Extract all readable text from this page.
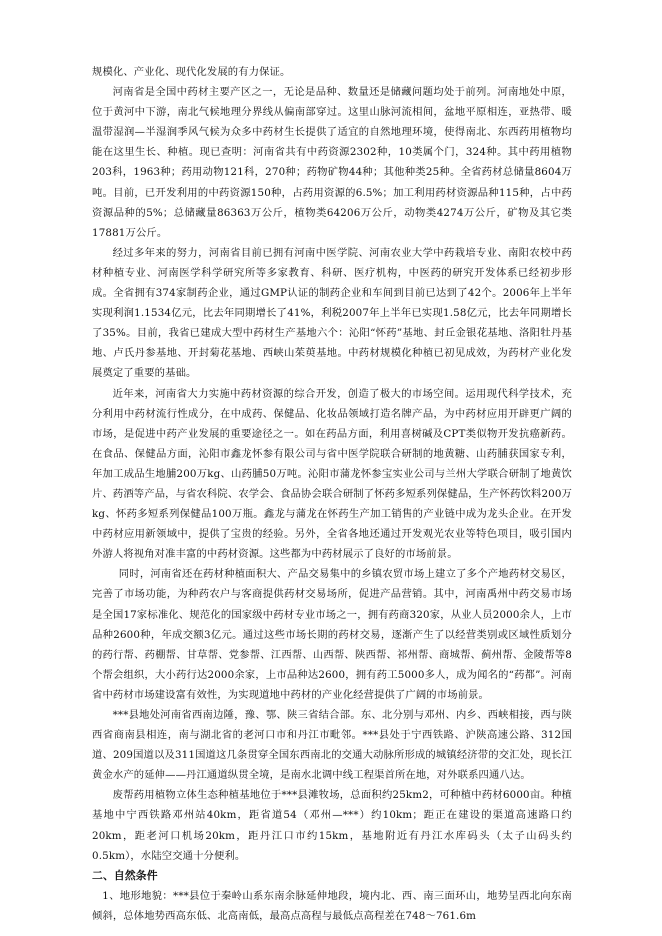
规模化、产业化、现代化发展的有力保证。

河南省是全国中药材主要产区之一，无论是品种、数量还是储藏问题均处于前列。河南地处中原，位于黄河中下游，南北气候地理分界线从偏南部穿过。这里山脉河流相间，盆地平原相连，亚热带、暖温带湿润—半湿润季风气候为众多中药材生长提供了适宜的自然地理环境，使得南北、东西药用植物均能在这里生长、种植。现已查明：河南省共有中药资源2302种，10类属个门，324种。其中药用植物203科，1963种；药用动物121科，270种；药物矿物44种；其他种类25种。全省药材总储量8604万吨。目前，已开发利用的中药资源150种，占药用资源的6.5%；加工利用药材资源品种115种，占中药资源品种的5%；总储藏量86363万公斤，植物类64206万公斤，动物类4274万公斤，矿物及其它类17881万公斤。

经过多年来的努力，河南省目前已拥有河南中医学院、河南农业大学中药栽培专业、南阳农校中药材种植专业、河南医学科学研究所等多家教育、科研、医疗机构，中医药的研究开发体系已经初步形成。全省拥有374家制药企业，通过GMP认证的制药企业和车间到目前已达到了42个。2006年上半年实现利润1.1534亿元，比去年同期增长了41%，利税2007年上半年已实现1.58亿元，比去年同期增长了35%。目前，我省已建成大型中药材生产基地六个：沁阳“怀药”基地、封丘金银花基地、洛阳牡丹基地、卢氏丹参基地、开封菊花基地、西峡山茱萸基地。中药材规模化种植已初见成效，为药材产业化发展奠定了重要的基础。

近年来，河南省大力实施中药材资源的综合开发，创造了极大的市场空间。运用现代科学技术，充分利用中药材流行性成分，在中成药、保健品、化妆品领域打造名牌产品，为中药材应用开辟更广阔的市场，是促进中药产业发展的重要途径之一。如在药品方面，利用喜树碱及CPT类似物开发抗癌新药。在食品、保健品方面，沁阳市鑫龙怀参有限公司与省中医学院联合研制的地黄糖、山药脯获国家专利，年加工成品生地脯200万kg、山药脯50万吨。沁阳市蒲龙怀参宝实业公司与兰州大学联合研制了地黄饮片、药酒等产品，与省农科院、农学会、食品协会联合研制了怀药多短系列保健品，生产怀药饮料200万kg、怀药多短系列保健品100万瓶。鑫龙与蒲龙在怀药生产加工销售的产业链中成为龙头企业。在开发中药材应用新领域中，提供了宝贵的经验。另外，全省各地还通过开发观光农业等特色项目，吸引国内外游人将视角对准丰富的中药材资源。这些都为中药材展示了良好的市场前景。

同时，河南省还在药材种植面积大、产品交易集中的乡镇农贸市场上建立了多个产地药材交易区，完善了市场功能，为种药农户与客商提供药材交易场所，促进产品营销。其中，河南禹州中药交易市场是全国17家标准化、规范化的国家级中药材专业市场之一，拥有药商320家，从业人员2000余人，上市品种2600种，年成交额3亿元。通过这些市场长期的药材交易，逐渐产生了以经营类别或区域性质划分的药行帮、药棚帮、甘草帮、党参帮、江西帮、山西帮、陕西帮、祁州帮、商城帮、蓟州帮、金陵帮等8个帮会组织，大小药行达2000余家，上市品种达2600，拥有药工5000多人，成为闻名的“药都”。河南省中药材市场建设富有效性，为实现道地中药材的产业化经营提供了广阔的市场前景。

***县地处河南省西南边陲，豫、鄂、陕三省结合部。东、北分别与邓州、内乡、西峡相接，西与陕西省商南县相连，南与湖北省的老河口市和丹江市毗邻。***县处于宁西铁路、沪陕高速公路、312国道、209国道以及311国道这几条贯穿全国东西南北的交通大动脉所形成的城镇经济带的交汇处，现长江黄金水产的延伸——丹江通道纵贯全境，是南水北调中线工程渠首所在地，对外联系四通八达。

废帮药用植物立体生态种植基地位于***县滩牧场，总面积约25km2，可种植中药材6000亩。种植基地中宁西铁路邓州站40km，距省道54（邓州—***）约10km；距正在建设的渠道高速路口约20km，距老河口机场20km，距丹江口市约15km，基地附近有丹江水库码头（太子山码头约0.5km），水陆空交通十分便利。

二、自然条件

1、地形地貌：***县位于秦岭山系东南余脉延伸地段，境内北、西、南三面环山，地势呈西北向东南倾斜，总体地势西高东低、北高南低，最高点高程与最低点高程差在748～761.6m
